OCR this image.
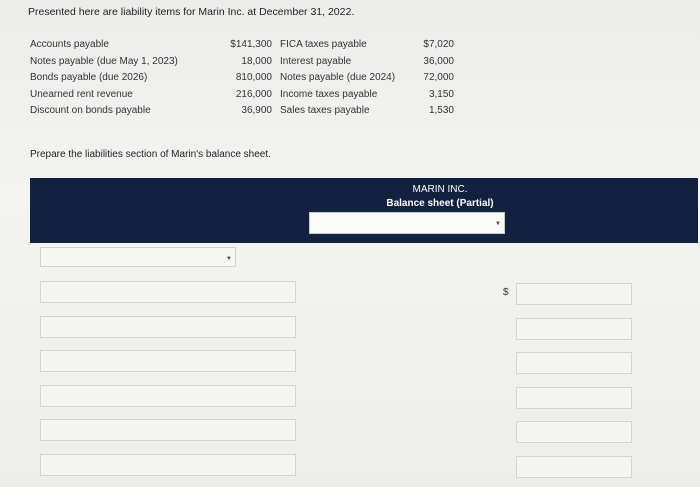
Presented here are liability items for Marin Inc. at December 31, 2022.
Accounts payable	$141,300 FICA taxes payable	$7,020
Notes payable (due May 1, 2023)	18,000 Interest payable	36,000
Bonds payable (due 2026)	810,000 Notes payable (due 2024)	72,000
Unearned rent revenue	216,000 Income taxes payable	3,150
Discount on bonds payable	36,900 Sales taxes payable	1,530
Prepare the liabilities section of Marin's balance sheet.
MARIN INC.
Balance sheet (Partial)
▼
▼
$
